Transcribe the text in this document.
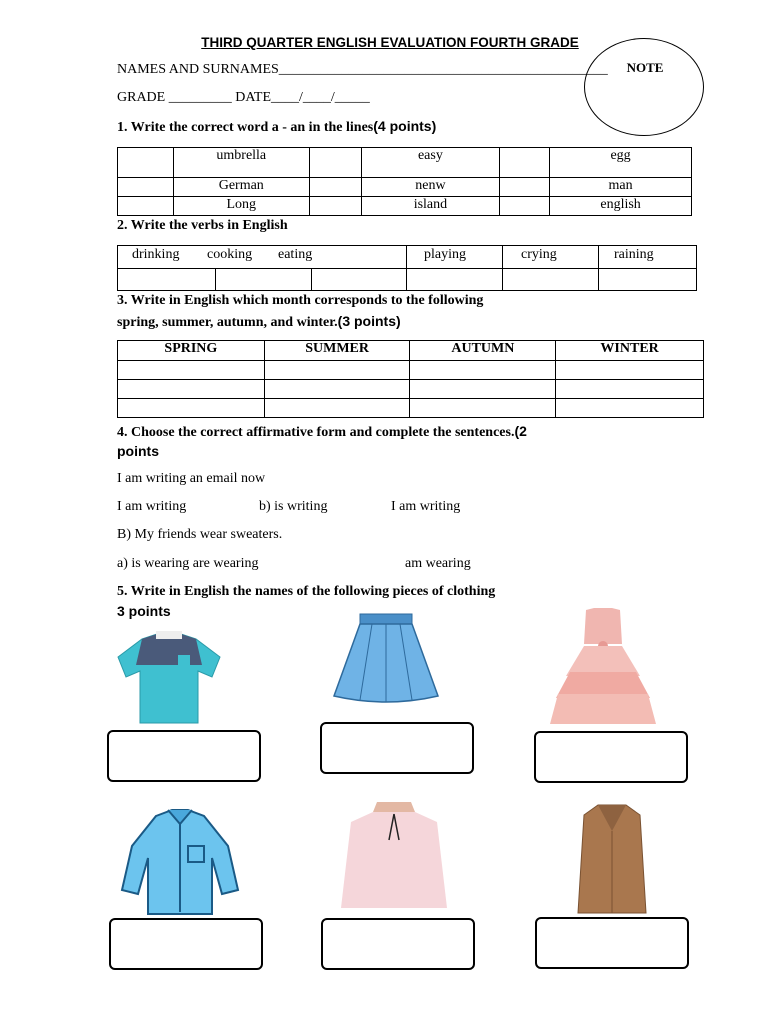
THIRD QUARTER ENGLISH EVALUATION FOURTH GRADE
NAMES AND SURNAMES_______________________________________________
GRADE _________ DATE____/____/_____
NOTE
1. Write the correct word a - an in the lines(4 points)
	umbrella		easy		egg
	German		nenw		man
	Long		island		english
2. Write the verbs in English

drinking cooking eating	playing	crying	raining
3. Write in English which month corresponds to the following
spring, summer, autumn, and winter.(3 points)
SPRING	SUMMER	AUTUMN	WINTER

4. Choose the correct affirmative form and complete the sentences.(2
points
I am writing an email now
I am writing	b) is writing	I am writing
B) My friends wear sweaters.
a) is wearing are wearing	am wearing
5. Write in English the names of the following pieces of clothing
3 points
